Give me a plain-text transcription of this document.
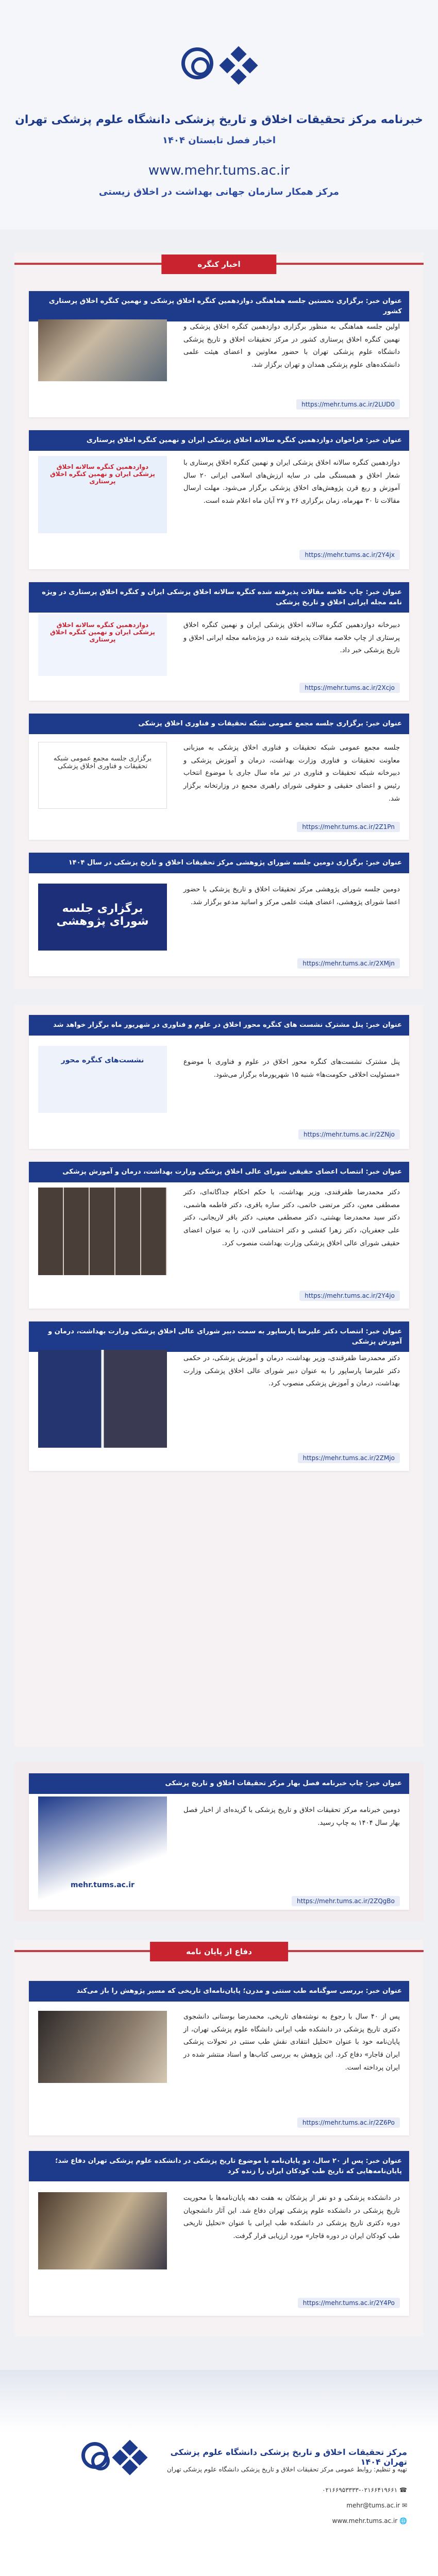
خبرنامه مرکز تحقیقات اخلاق و تاریخ پزشکی دانشگاه علوم پزشکی تهران
اخبار فصل تابستان ۱۴۰۴
www.mehr.tums.ac.ir
مرکز همکار سازمان جهانی بهداشت در اخلاق زیستی
اخبار کنگره
عنوان خبر: برگزاری نخستین جلسه هماهنگی دوازدهمین کنگره اخلاق پزشکی و نهمین کنگره اخلاق پرستاری کشور
اولین جلسه هماهنگی به منظور برگزاری دوازدهمین کنگره اخلاق پزشکی و نهمین کنگره اخلاق پرستاری کشور در مرکز تحقیقات اخلاق و تاریخ پزشکی دانشگاه علوم پزشکی تهران با حضور معاونین و اعضای هیئت علمی دانشکده‌های علوم پزشکی همدان و تهران برگزار شد.
https://mehr.tums.ac.ir/2LUD0
عنوان خبر: فراخوان دوازدهمین کنگره سالانه اخلاق پزشکی ایران و نهمین کنگره اخلاق پرستاری
دوازدهمین کنگره سالانه اخلاق پزشکی ایران و نهمین کنگره اخلاق پرستاری با شعار اخلاق و همبستگی ملی در سایه ارزش‌های اسلامی ایرانی ۲۰ سال آموزش و ربع قرن پژوهش‌های اخلاق پزشکی برگزار می‌شود. مهلت ارسال مقالات تا ۳۰ مهرماه، زمان برگزاری ۲۶ و ۲۷ آبان ماه اعلام شده است.
دوازدهمین کنگره سالانه اخلاق پزشکی ایران و نهمین کنگره اخلاق پرستاری
https://mehr.tums.ac.ir/2Y4jx
عنوان خبر: چاپ خلاصه مقالات پذیرفته شده کنگره سالانه اخلاق پزشکی ایران و کنگره اخلاق پرستاری در ویژه نامه مجله ایرانی اخلاق و تاریخ پزشکی
دبیرخانه دوازدهمین کنگره سالانه اخلاق پزشکی ایران و نهمین کنگره اخلاق پرستاری از چاپ خلاصه مقالات پذیرفته شده در ویژه‌نامه مجله ایرانی اخلاق و تاریخ پزشکی خبر داد.
دوازدهمین کنگره سالانه اخلاق پزشکی ایران و نهمین کنگره اخلاق پرستاری
https://mehr.tums.ac.ir/2Xcjo
عنوان خبر: برگزاری جلسه مجمع عمومی شبکه تحقیقات و فناوری اخلاق پزشکی
جلسه مجمع عمومی شبکه تحقیقات و فناوری اخلاق پزشکی به میزبانی معاونت تحقیقات و فناوری وزارت بهداشت، درمان و آموزش پزشکی و دبیرخانه شبکه تحقیقات و فناوری در تیر ماه سال جاری با موضوع انتخاب رئیس و اعضای حقیقی و حقوقی شورای راهبری مجمع در وزارتخانه برگزار شد.
برگزاری جلسه مجمع عمومی شبکه تحقیقات و فناوری اخلاق پزشکی
https://mehr.tums.ac.ir/2Z1Pn
عنوان خبر: برگزاری دومین جلسه شورای پژوهشی مرکز تحقیقات اخلاق و تاریخ پزشکی در سال ۱۴۰۴
دومین جلسه شورای پژوهشی مرکز تحقیقات اخلاق و تاریخ پزشکی با حضور اعضا شورای پژوهشی، اعضای هیئت علمی مرکز و اساتید مدعو برگزار شد.
برگزاری جلسه شورای پژوهشی
https://mehr.tums.ac.ir/2XMjn
عنوان خبر: پنل مشترک نشست های کنگره محور اخلاق در علوم و فناوری در شهریور ماه برگزار خواهد شد
پنل مشترک نشست‌های کنگره محور اخلاق در علوم و فناوری با موضوع «مسئولیت اخلاقی حکومت‌ها» شنبه ۱۵ شهریورماه برگزار می‌شود.
نشست‌های کنگره محور
https://mehr.tums.ac.ir/2ZNjo
عنوان خبر: انتصاب اعضای حقیقی شورای عالی اخلاق پزشکی وزارت بهداشت، درمان و آموزش پزشکی
دکتر محمدرضا ظفرقندی، وزیر بهداشت، با حکم احکام جداگانه‌ای، دکتر مصطفی معین، دکتر مرتضی خاتمی، دکتر ساره باقری، دکتر فاطمه هاشمی، دکتر سید محمدرضا بهشتی، دکتر مصطفی معینی، دکتر باقر لاریجانی، دکتر علی جعفریان، دکتر زهرا کفشی و دکتر احتشامی لادن، را به عنوان اعضای حقیقی شورای عالی اخلاق پزشکی وزارت بهداشت منصوب کرد.
https://mehr.tums.ac.ir/2Y4jo
عنوان خبر: انتصاب دکتر علیرضا پارساپور به سمت دبیر شورای عالی اخلاق پزشکی وزارت بهداشت، درمان و آموزش پزشکی
دکتر محمدرضا ظفرقندی، وزیر بهداشت، درمان و آموزش پزشکی، در حکمی دکتر علیرضا پارساپور را به عنوان دبیر شورای عالی اخلاق پزشکی وزارت بهداشت، درمان و آموزش پزشکی منصوب کرد.
https://mehr.tums.ac.ir/2ZMjo
عنوان خبر: چاپ خبرنامه فصل بهار مرکز تحقیقات اخلاق و تاریخ پزشکی
دومین خبرنامه مرکز تحقیقات اخلاق و تاریخ پزشکی با گزیده‌ای از اخبار فصل بهار سال ۱۴۰۴ به چاپ رسید.
mehr.tums.ac.ir
https://mehr.tums.ac.ir/2ZQgBo
دفاع از پایان نامه
عنوان خبر: بررسی سوگنامه طب سنتی و مدرن؛ پایان‌نامه‌ای تاریخی که مسیر پژوهش را باز می‌کند
پس از ۴۰ سال با رجوع به نوشته‌های تاریخی، محمدرضا بوستانی دانشجوی دکتری تاریخ پزشکی در دانشکده طب ایرانی دانشگاه علوم پزشکی تهران، از پایان‌نامه خود با عنوان «تحلیل انتقادی نقش طب سنتی در تحولات پزشکی ایران قاجار» دفاع کرد. این پژوهش به بررسی کتاب‌ها و اسناد منتشر شده در ایران پرداخته است.
https://mehr.tums.ac.ir/2Z6Po
عنوان خبر: پس از ۲۰ سال، دو پایان‌نامه با موضوع تاریخ پزشکی در دانشکده علوم پزشکی تهران دفاع شد؛ پایان‌نامه‌هایی که تاریخ طب کودکان ایران را زنده کرد
در دانشکده پزشکی و دو نفر از پزشکان به هفت دهه پایان‌نامه‌ها با محوریت تاریخ پزشکی در دانشکده علوم پزشکی تهران دفاع شد. این آثار دانشجویان دوره دکتری تاریخ پزشکی در دانشکده طب ایرانی با عنوان «تحلیل تاریخی طب کودکان ایران در دوره قاجار» مورد ارزیابی قرار گرفت.
https://mehr.tums.ac.ir/2Y4Po
مرکز تحقیقات اخلاق و تاریخ پزشکی دانشگاه علوم پزشکی تهران ۱۴۰۴
تهیه و تنظیم: روابط عمومی مرکز تحقیقات اخلاق و تاریخ پزشکی دانشگاه علوم پزشکی تهران
☎ ۰۲۱۶۶۹۵۳۳۳۳-۰۲۱۶۶۴۱۹۶۶۱
mehr@tums.ac.ir ✉
www.mehr.tums.ac.ir 🌐
